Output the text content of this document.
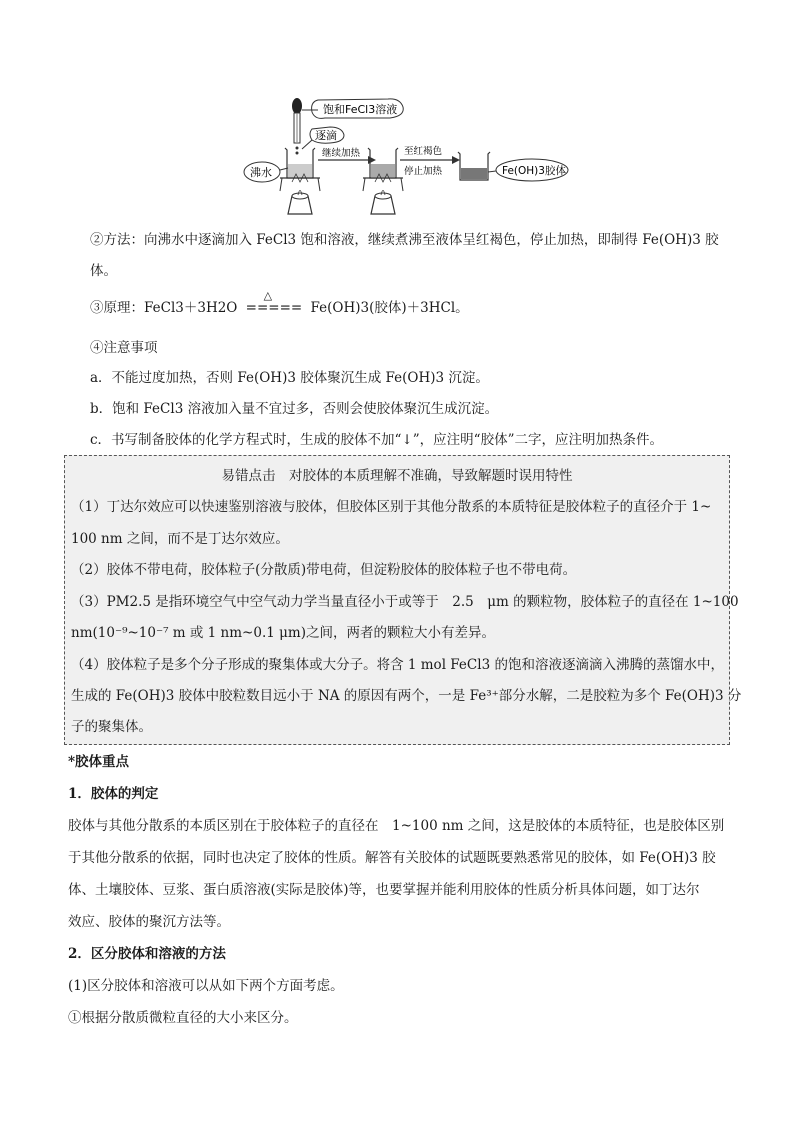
饱和FeCl3溶液
逐滴
沸水
继续加热	至红褐色
停止加热	Fe(OH)3胶体
②方法：向沸水中逐滴加入 FeCl3 饱和溶液，继续煮沸至液体呈红褐色，停止加热，即制得 Fe(OH)3 胶
体。
③原理：FeCl3＋3H2O
△
===== Fe(OH)3(胶体)＋3HCl。
④注意事项
a．不能过度加热，否则 Fe(OH)3 胶体聚沉生成 Fe(OH)3 沉淀。
b．饱和 FeCl3 溶液加入量不宜过多，否则会使胶体聚沉生成沉淀。
c．书写制备胶体的化学方程式时，生成的胶体不加“↓”，应注明“胶体”二字，应注明加热条件。
易错点击　对胶体的本质理解不准确，导致解题时误用特性
（1）丁达尔效应可以快速鉴别溶液与胶体，但胶体区别于其他分散系的本质特征是胶体粒子的直径介于 1~
100 nm 之间，而不是丁达尔效应。
（2）胶体不带电荷，胶体粒子(分散质)带电荷，但淀粉胶体的胶体粒子也不带电荷。
（3）PM2.5 是指环境空气中空气动力学当量直径小于或等于　2.5　μm 的颗粒物，胶体粒子的直径在 1~100
nm(10⁻⁹~10⁻⁷ m 或 1 nm~0.1 μm)之间，两者的颗粒大小有差异。
（4）胶体粒子是多个分子形成的聚集体或大分子。将含 1 mol FeCl3 的饱和溶液逐滴滴入沸腾的蒸馏水中，
生成的 Fe(OH)3 胶体中胶粒数目远小于 NA 的原因有两个，一是 Fe³⁺部分水解，二是胶粒为多个 Fe(OH)3 分
子的聚集体。
*胶体重点
1．胶体的判定
胶体与其他分散系的本质区别在于胶体粒子的直径在　1~100 nm 之间，这是胶体的本质特征，也是胶体区别
于其他分散系的依据，同时也决定了胶体的性质。解答有关胶体的试题既要熟悉常见的胶体，如 Fe(OH)3 胶
体、土壤胶体、豆浆、蛋白质溶液(实际是胶体)等，也要掌握并能利用胶体的性质分析具体问题，如丁达尔
效应、胶体的聚沉方法等。
2．区分胶体和溶液的方法
(1)区分胶体和溶液可以从如下两个方面考虑。
①根据分散质微粒直径的大小来区分。
